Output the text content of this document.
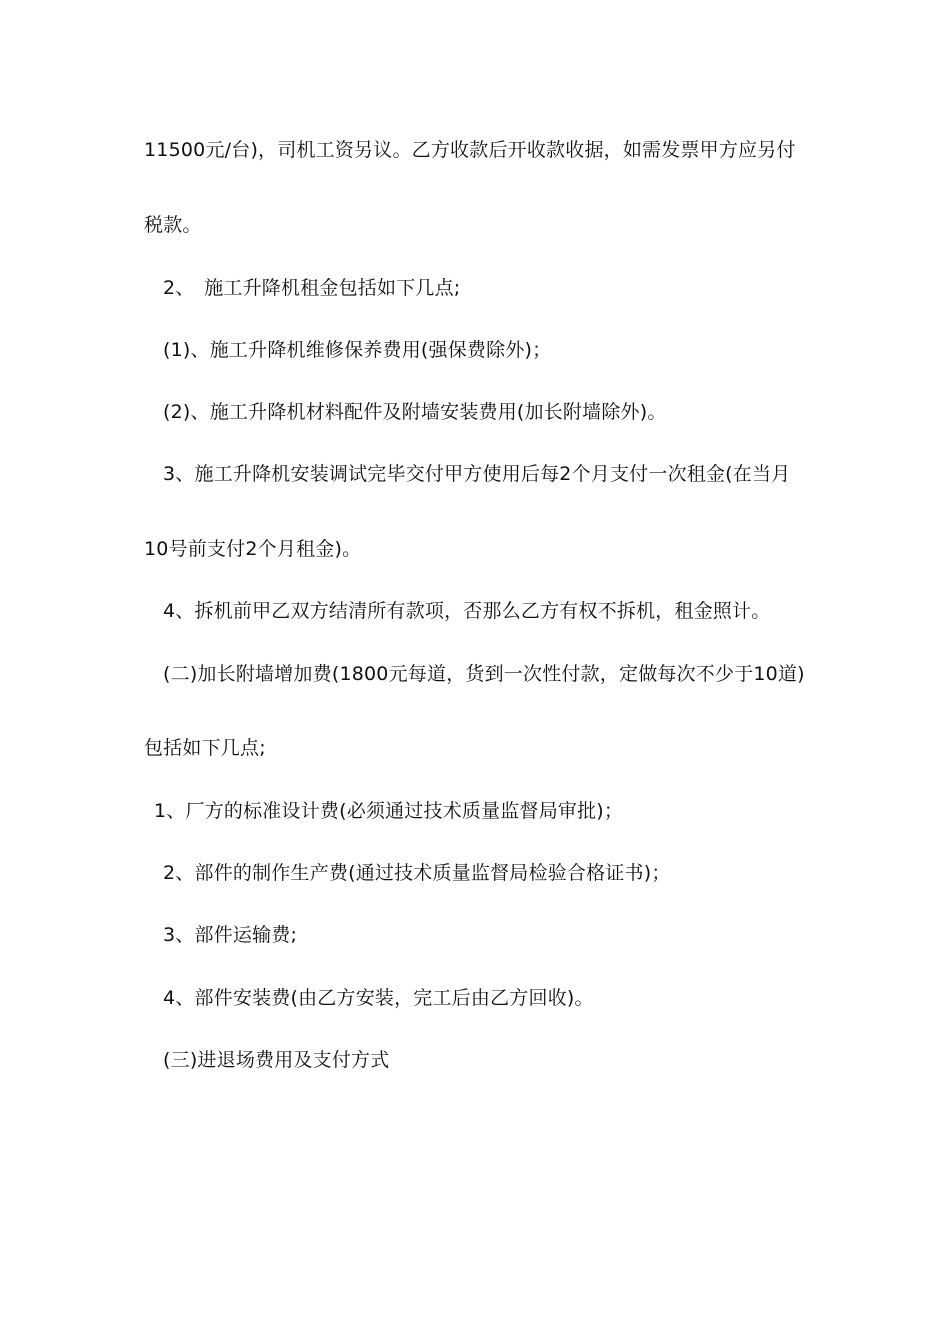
11500元/台)，司机工资另议。乙方收款后开收款收据，如需发票甲方应另付
税款。
2、　施工升降机租金包括如下几点;
(1)、施工升降机维修保养费用(强保费除外)；
(2)、施工升降机材料配件及附墙安装费用(加长附墙除外)。
3、施工升降机安装调试完毕交付甲方使用后每2个月支付一次租金(在当月
10号前支付2个月租金)。
4、拆机前甲乙双方结清所有款项，否那么乙方有权不拆机，租金照计。
(二)加长附墙增加费(1800元每道，货到一次性付款，定做每次不少于10道)
包括如下几点;
1、厂方的标准设计费(必须通过技术质量监督局审批)；
2、部件的制作生产费(通过技术质量监督局检验合格证书)；
3、部件运输费;
4、部件安装费(由乙方安装，完工后由乙方回收)。
(三)进退场费用及支付方式
